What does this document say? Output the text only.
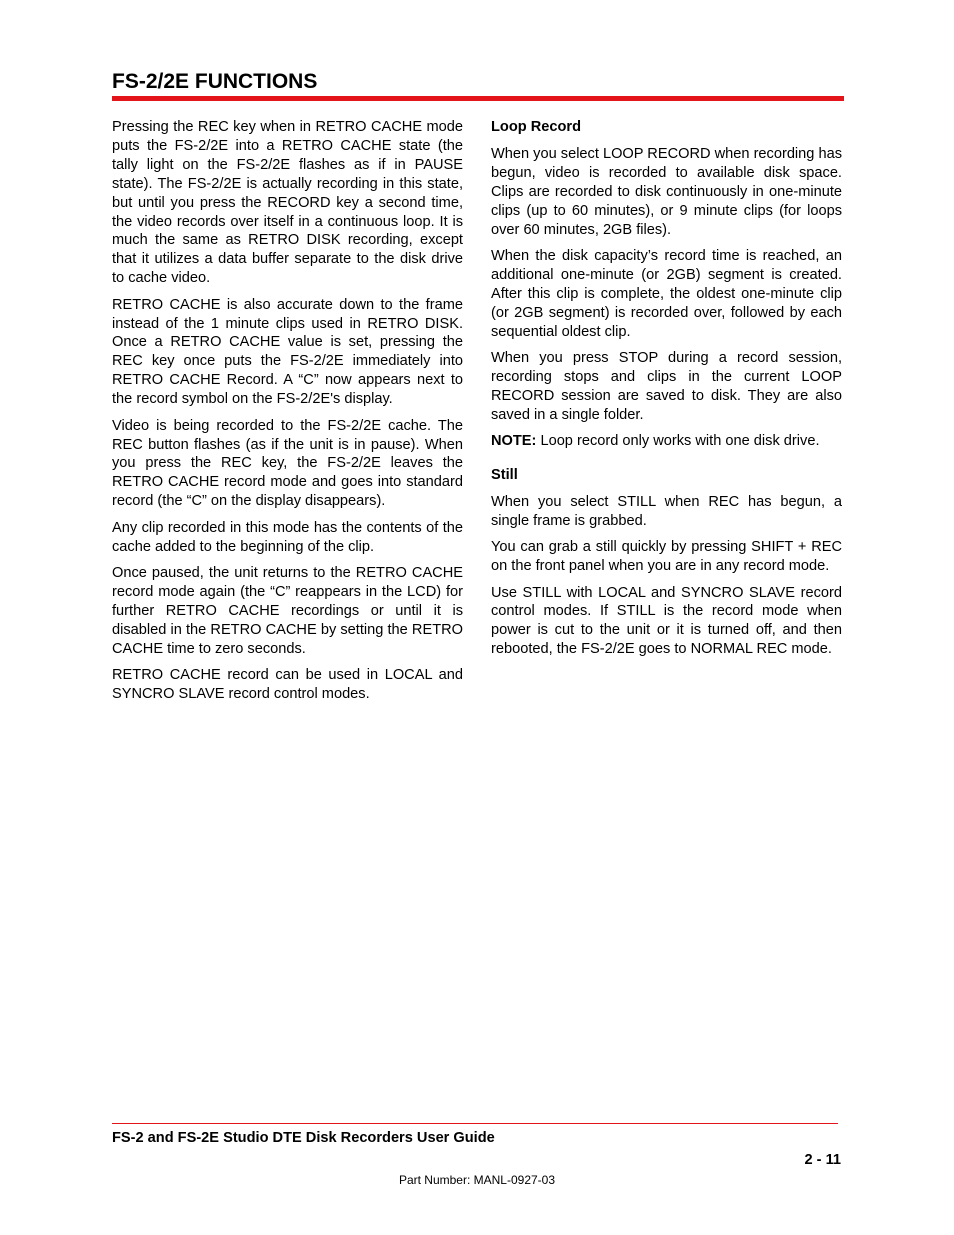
FS-2/2E FUNCTIONS

Pressing the REC key when in RETRO CACHE mode puts the FS-2/2E into a RETRO CACHE state (the tally light on the FS-2/2E flashes as if in PAUSE state). The FS-2/2E is actually recording in this state, but until you press the RECORD key a second time, the video records over itself in a continuous loop. It is much the same as RETRO DISK recording, except that it utilizes a data buffer separate to the disk drive to cache video.

RETRO CACHE is also accurate down to the frame instead of the 1 minute clips used in RETRO DISK. Once a RETRO CACHE value is set, pressing the REC key once puts the FS-2/2E immediately into RETRO CACHE Record. A “C” now appears next to the record symbol on the FS-2/2E's display.

Video is being recorded to the FS-2/2E cache. The REC button flashes (as if the unit is in pause). When you press the REC key, the FS-2/2E leaves the RETRO CACHE record mode and goes into standard record (the “C” on the display disappears).

Any clip recorded in this mode has the contents of the cache added to the beginning of the clip.

Once paused, the unit returns to the RETRO CACHE record mode again (the “C” reappears in the LCD) for further RETRO CACHE recordings or until it is disabled in the RETRO CACHE by setting the RETRO CACHE time to zero seconds.

RETRO CACHE record can be used in LOCAL and SYNCRO SLAVE record control modes.

Loop Record

When you select LOOP RECORD when recording has begun, video is recorded to available disk space. Clips are recorded to disk continuously in one-minute clips (up to 60 minutes), or 9 minute clips (for loops over 60 minutes, 2GB files).

When the disk capacity’s record time is reached, an additional one-minute (or 2GB) segment is created. After this clip is complete, the oldest one-minute clip (or 2GB segment) is recorded over, followed by each sequential oldest clip.

When you press STOP during a record session, recording stops and clips in the current LOOP RECORD session are saved to disk. They are also saved in a single folder.

NOTE: Loop record only works with one disk drive.

Still

When you select STILL when REC has begun, a single frame is grabbed.

You can grab a still quickly by pressing SHIFT + REC on the front panel when you are in any record mode.

Use STILL with LOCAL and SYNCRO SLAVE record control modes. If STILL is the record mode when power is cut to the unit or it is turned off, and then rebooted, the FS-2/2E goes to NORMAL REC mode.

FS-2 and FS-2E Studio DTE Disk Recorders User Guide
2 - 11
Part Number: MANL-0927-03
